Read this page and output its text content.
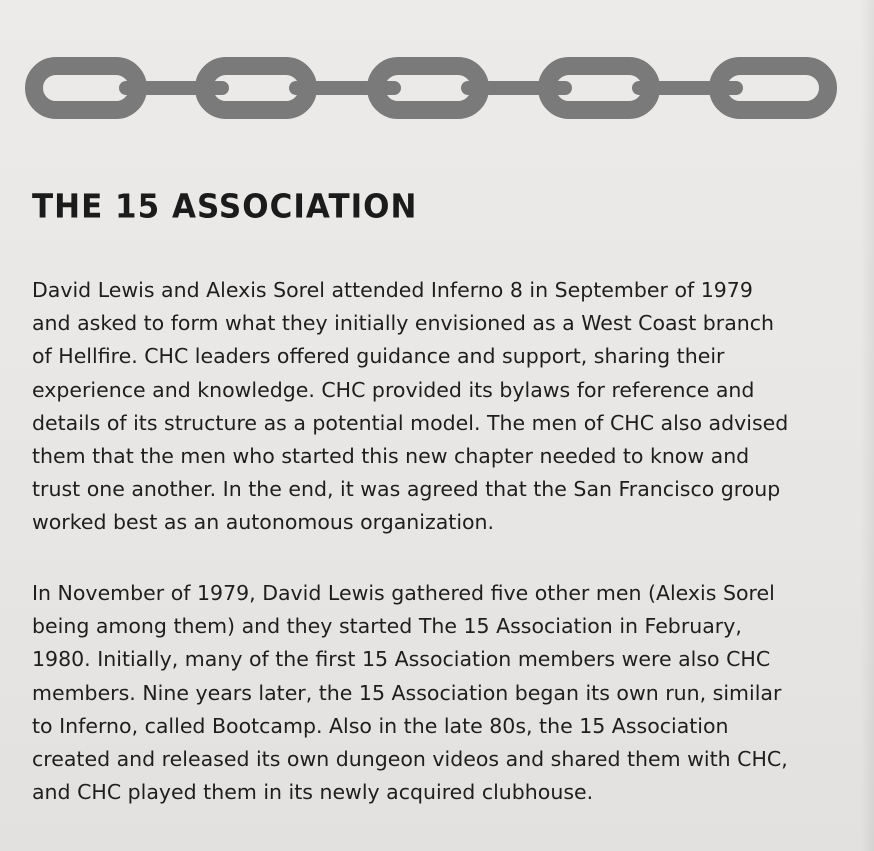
THE 15 ASSOCIATION

David Lewis and Alexis Sorel attended Inferno 8 in September of 1979
and asked to form what they initially envisioned as a West Coast branch
of Hellfire. CHC leaders offered guidance and support, sharing their
experience and knowledge. CHC provided its bylaws for reference and
details of its structure as a potential model. The men of CHC also advised
them that the men who started this new chapter needed to know and
trust one another. In the end, it was agreed that the San Francisco group
worked best as an autonomous organization.

In November of 1979, David Lewis gathered five other men (Alexis Sorel
being among them) and they started The 15 Association in February,
1980. Initially, many of the first 15 Association members were also CHC
members. Nine years later, the 15 Association began its own run, similar
to Inferno, called Bootcamp. Also in the late 80s, the 15 Association
created and released its own dungeon videos and shared them with CHC,
and CHC played them in its newly acquired clubhouse.
